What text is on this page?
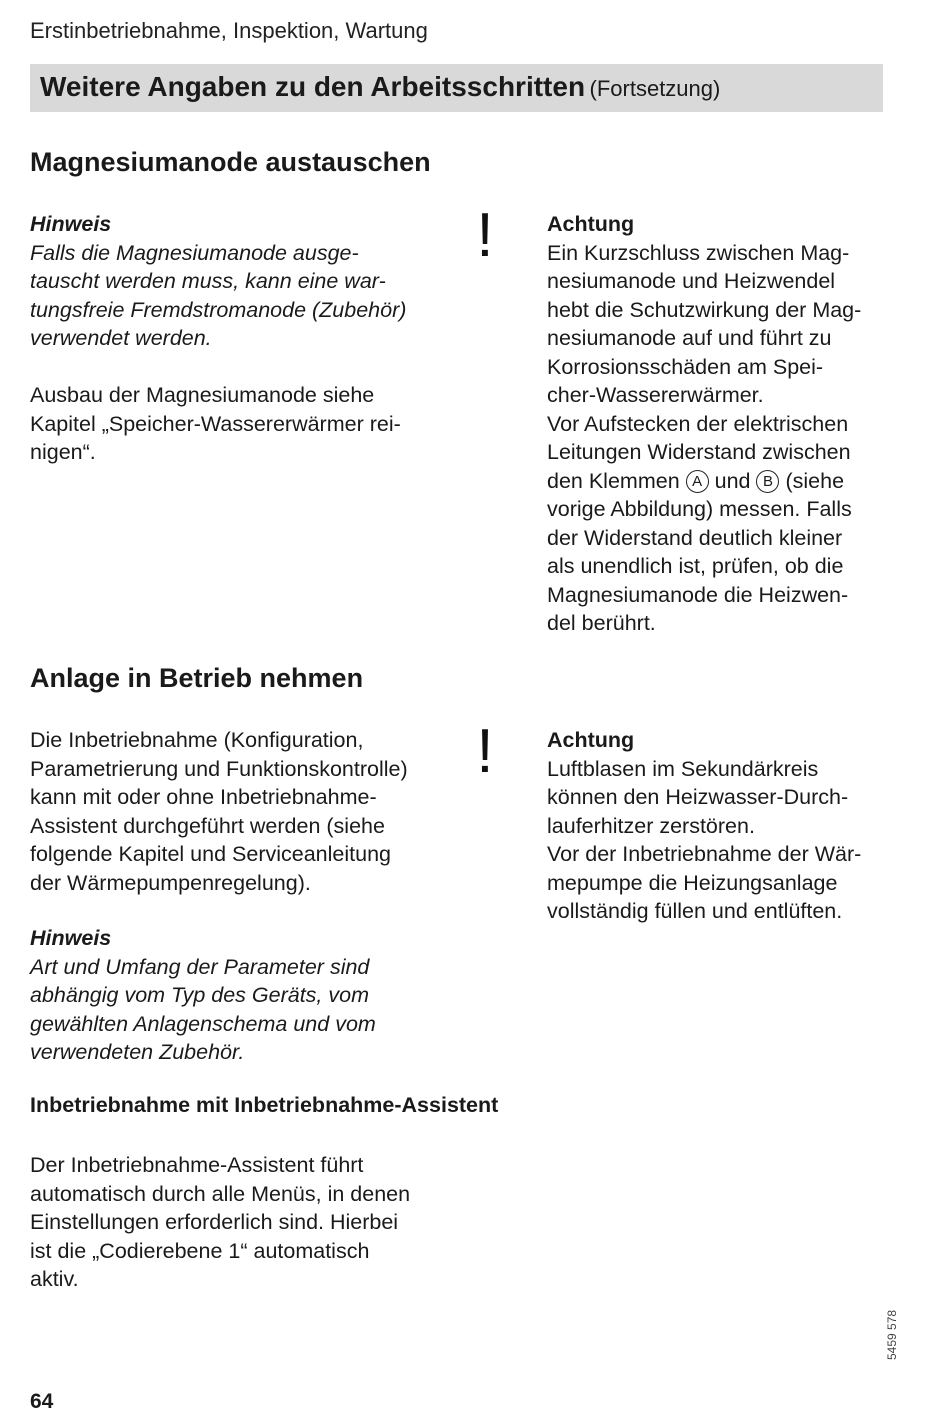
Erstinbetriebnahme, Inspektion, Wartung
Weitere Angaben zu den Arbeitsschritten (Fortsetzung)
Magnesiumanode austauschen

Hinweis

Falls die Magnesiumanode ausge-

tauscht werden muss, kann eine war-

tungsfreie Fremdstromanode (Zubehör)

verwendet werden.

Ausbau der Magnesiumanode siehe

Kapitel „Speicher-Wassererwärmer rei-

nigen“.

! Achtung

Ein Kurzschluss zwischen Mag-

nesiumanode und Heizwendel

hebt die Schutzwirkung der Mag-

nesiumanode auf und führt zu

Korrosionsschäden am Spei-

cher-Wassererwärmer.

Vor Aufstecken der elektrischen

Leitungen Widerstand zwischen

den Klemmen A und B (siehe

vorige Abbildung) messen. Falls

der Widerstand deutlich kleiner

als unendlich ist, prüfen, ob die

Magnesiumanode die Heizwen-

del berührt.

Anlage in Betrieb nehmen

Die Inbetriebnahme (Konfiguration,

Parametrierung und Funktionskontrolle)

kann mit oder ohne Inbetriebnahme-

Assistent durchgeführt werden (siehe

folgende Kapitel und Serviceanleitung

der Wärmepumpenregelung).

Hinweis

Art und Umfang der Parameter sind

abhängig vom Typ des Geräts, vom

gewählten Anlagenschema und vom

verwendeten Zubehör.

! Achtung

Luftblasen im Sekundärkreis

können den Heizwasser-Durch-

lauferhitzer zerstören.

Vor der Inbetriebnahme der Wär-

mepumpe die Heizungsanlage

vollständig füllen und entlüften.

Inbetriebnahme mit Inbetriebnahme-Assistent

Der Inbetriebnahme-Assistent führt

automatisch durch alle Menüs, in denen

Einstellungen erforderlich sind. Hierbei

ist die „Codierebene 1“ automatisch

aktiv.

5459 578
64
